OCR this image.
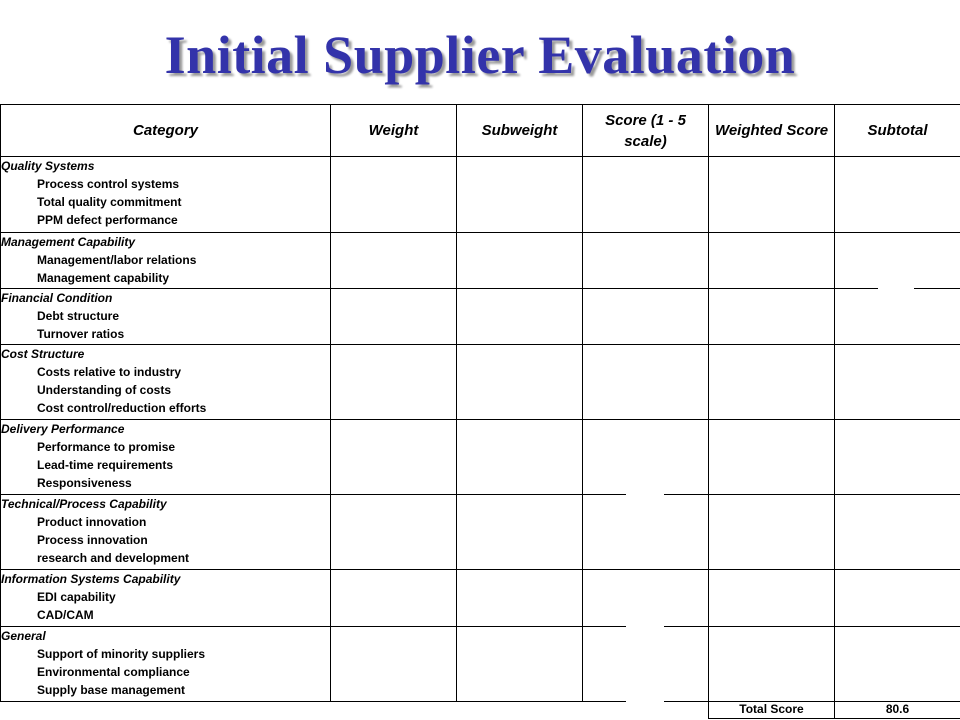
Initial Supplier Evaluation
Category	Weight	Subweight	Score (1 - 5 scale)	Weighted Score	Subtotal

Quality Systems
Process control systems
Total quality commitment
PPM defect performance					

Management Capability
Management/labor relations
Management capability					

Financial Condition
Debt structure
Turnover ratios					

Cost Structure
Costs relative to industry
Understanding of costs
Cost control/reduction efforts					

Delivery Performance
Performance to promise
Lead-time requirements
Responsiveness					

Technical/Process Capability
Product innovation
Process innovation
research and development					

Information Systems Capability
EDI capability
CAD/CAM					

General
Support of minority suppliers
Environmental compliance
Supply base management					

				Total Score	80.6
